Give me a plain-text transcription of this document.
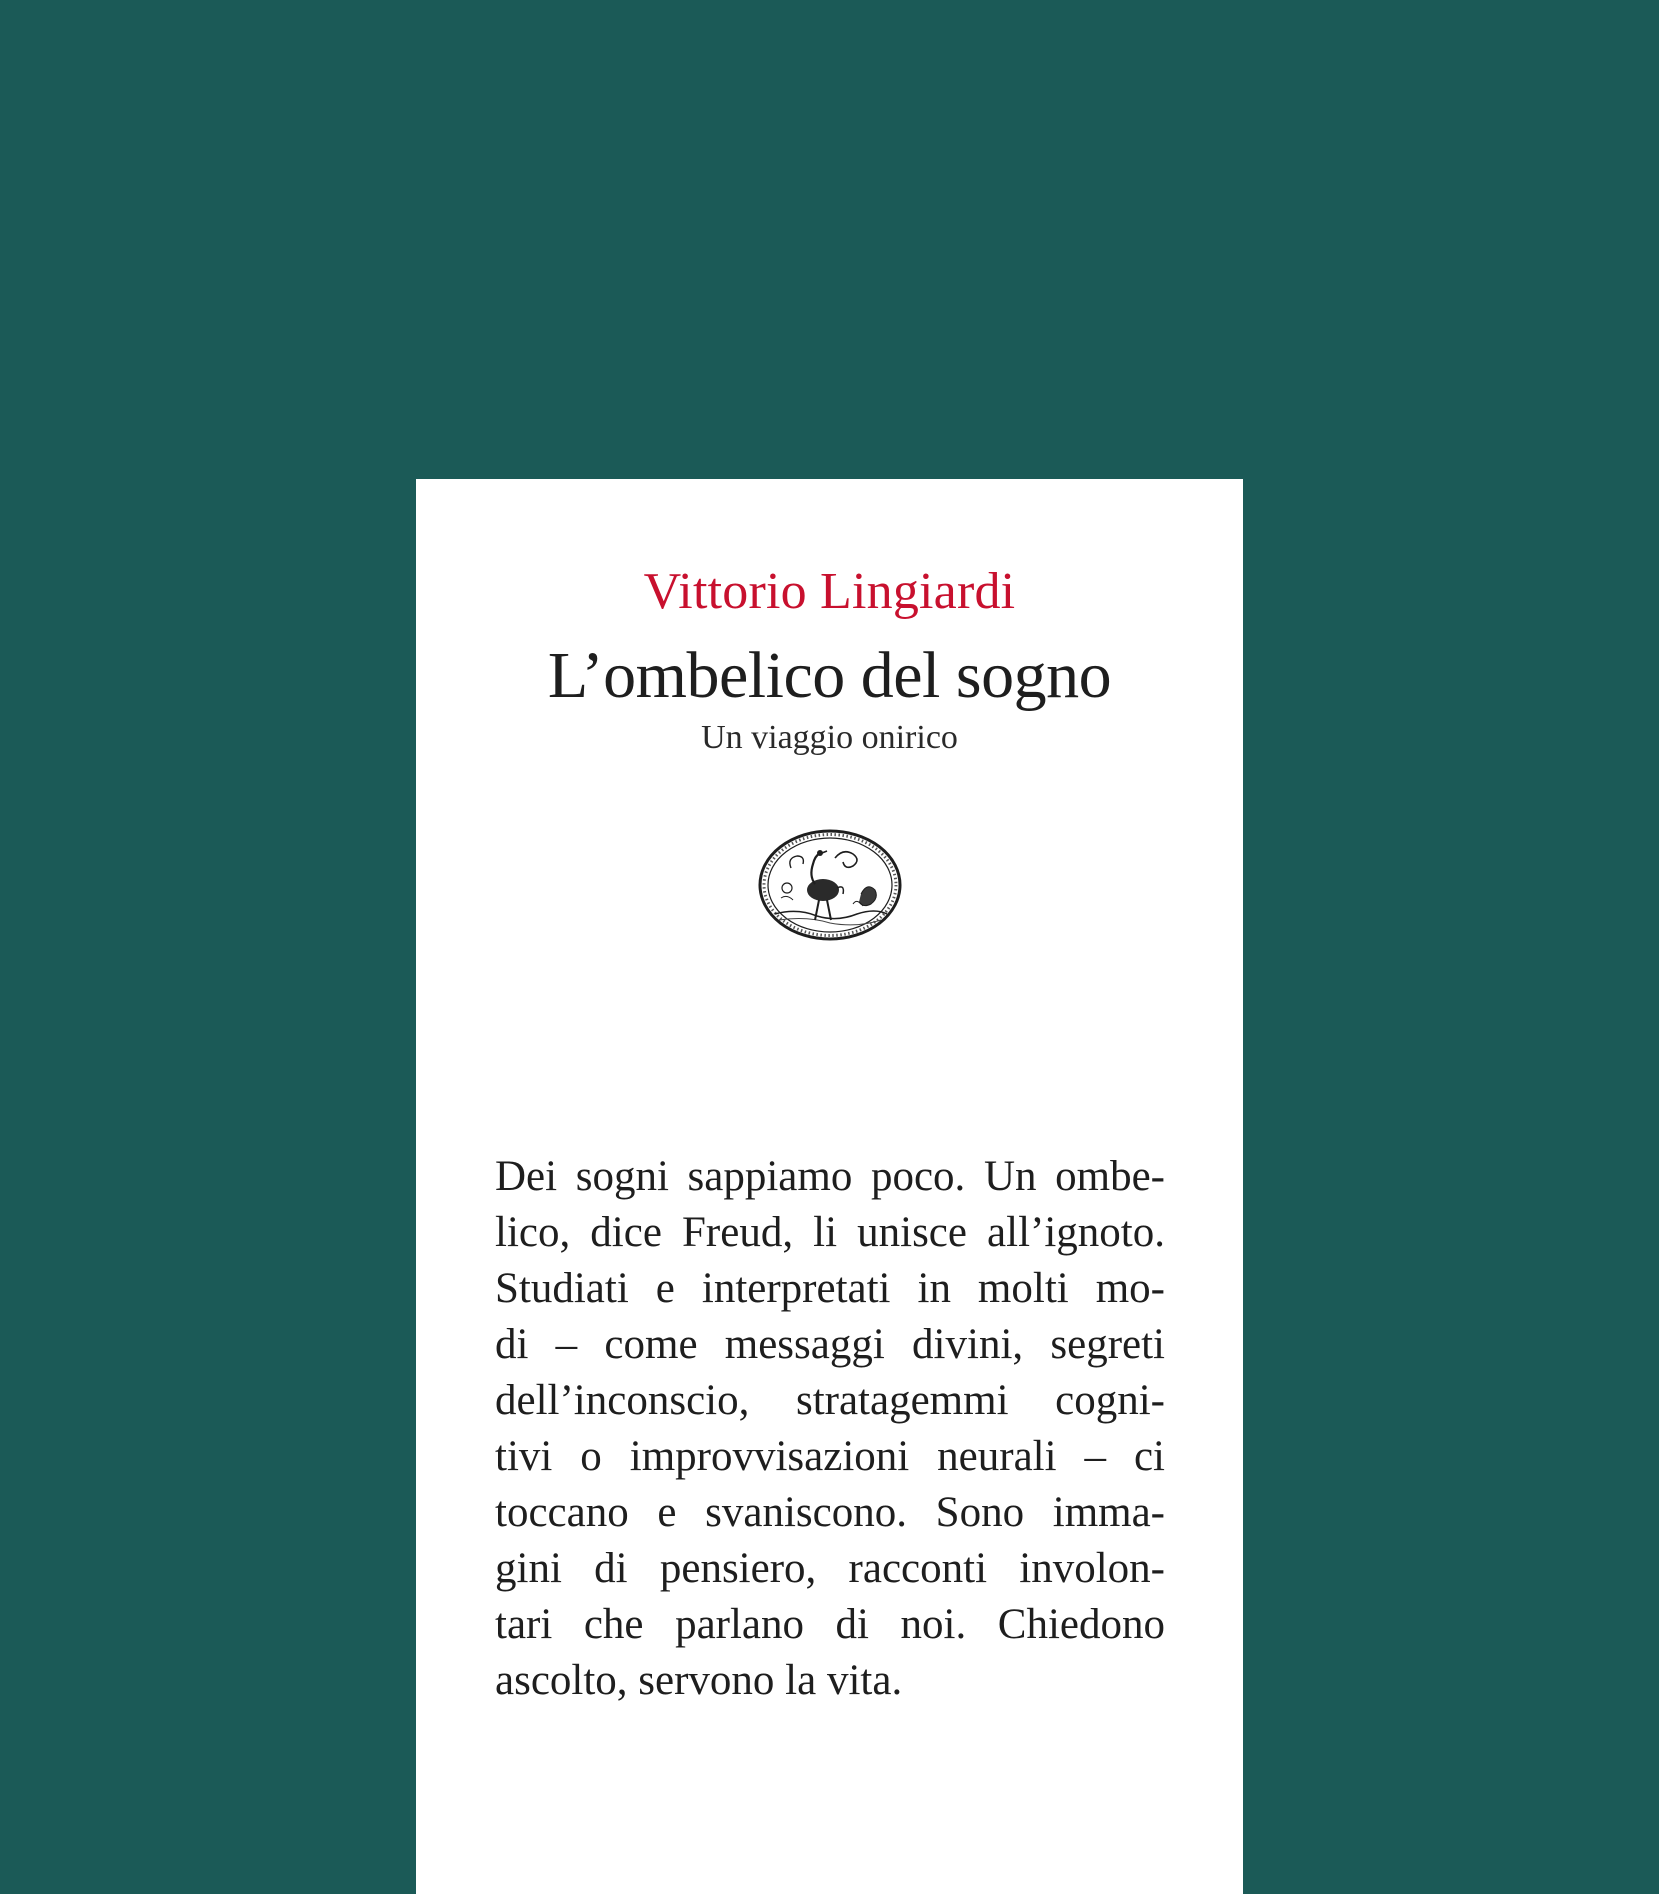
Vittorio Lingiardi
L’ombelico del sogno
Un viaggio onirico
Dei sogni sappiamo poco. Un ombe-
lico, dice Freud, li unisce all’ignoto.
Studiati e interpretati in molti mo-
di – come messaggi divini, segreti
dell’inconscio, stratagemmi cogni-
tivi o improvvisazioni neurali – ci
toccano e svaniscono. Sono imma-
gini di pensiero, racconti involon-
tari che parlano di noi. Chiedono
ascolto, servono la vita.
